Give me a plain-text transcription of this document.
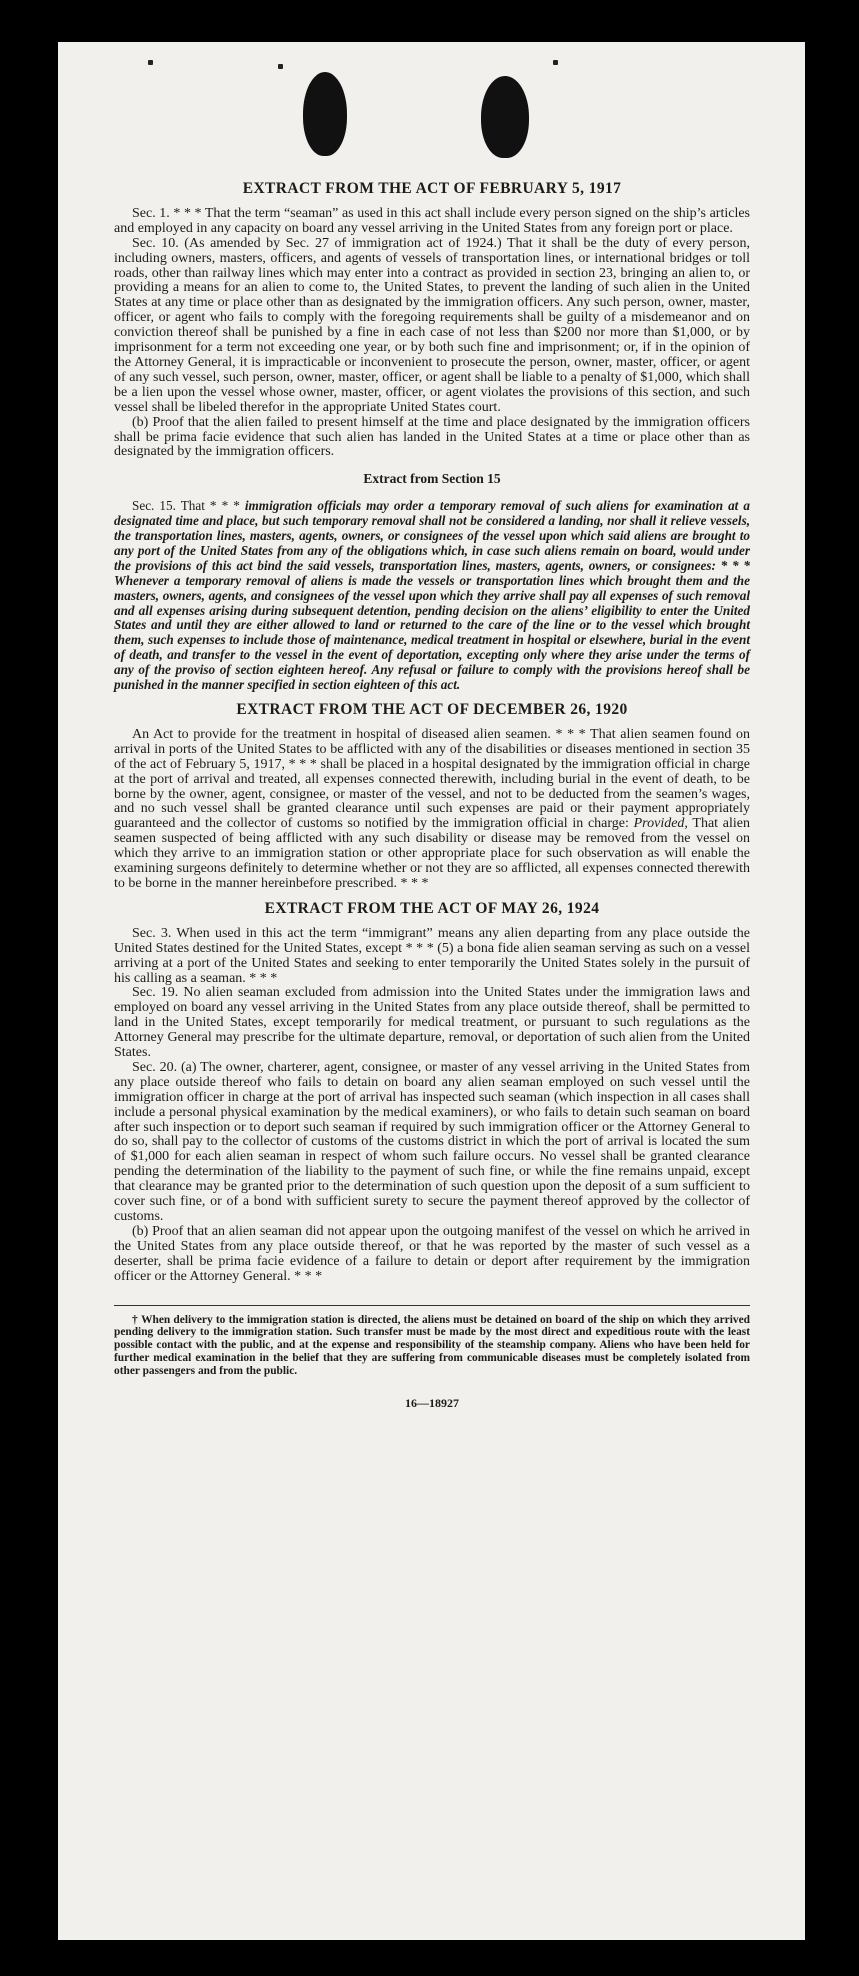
EXTRACT FROM THE ACT OF FEBRUARY 5, 1917

Sec. 1. * * * That the term “seaman” as used in this act shall include every person signed on the ship’s articles and employed in any capacity on board any vessel arriving in the United States from any foreign port or place.

Sec. 10. (As amended by Sec. 27 of immigration act of 1924.) That it shall be the duty of every person, including owners, masters, officers, and agents of vessels of transportation lines, or international bridges or toll roads, other than railway lines which may enter into a contract as provided in section 23, bringing an alien to, or providing a means for an alien to come to, the United States, to prevent the landing of such alien in the United States at any time or place other than as designated by the immigration officers. Any such person, owner, master, officer, or agent who fails to comply with the foregoing requirements shall be guilty of a misdemeanor and on conviction thereof shall be punished by a fine in each case of not less than $200 nor more than $1,000, or by imprisonment for a term not exceeding one year, or by both such fine and imprisonment; or, if in the opinion of the Attorney General, it is impracticable or inconvenient to prosecute the person, owner, master, officer, or agent of any such vessel, such person, owner, master, officer, or agent shall be liable to a penalty of $1,000, which shall be a lien upon the vessel whose owner, master, officer, or agent violates the provisions of this section, and such vessel shall be libeled therefor in the appropriate United States court.

(b) Proof that the alien failed to present himself at the time and place designated by the immigration officers shall be prima facie evidence that such alien has landed in the United States at a time or place other than as designated by the immigration officers.

Extract from Section 15

Sec. 15. That * * * immigration officials may order a temporary removal of such aliens for examination at a designated time and place, but such temporary removal shall not be considered a landing, nor shall it relieve vessels, the transportation lines, masters, agents, owners, or consignees of the vessel upon which said aliens are brought to any port of the United States from any of the obligations which, in case such aliens remain on board, would under the provisions of this act bind the said vessels, transportation lines, masters, agents, owners, or consignees: * * * Whenever a temporary removal of aliens is made the vessels or transportation lines which brought them and the masters, owners, agents, and consignees of the vessel upon which they arrive shall pay all expenses of such removal and all expenses arising during subsequent detention, pending decision on the aliens’ eligibility to enter the United States and until they are either allowed to land or returned to the care of the line or to the vessel which brought them, such expenses to include those of maintenance, medical treatment in hospital or elsewhere, burial in the event of death, and transfer to the vessel in the event of deportation, excepting only where they arise under the terms of any of the proviso of section eighteen hereof. Any refusal or failure to comply with the provisions hereof shall be punished in the manner specified in section eighteen of this act.

EXTRACT FROM THE ACT OF DECEMBER 26, 1920

An Act to provide for the treatment in hospital of diseased alien seamen. * * * That alien seamen found on arrival in ports of the United States to be afflicted with any of the disabilities or diseases mentioned in section 35 of the act of February 5, 1917, * * * shall be placed in a hospital designated by the immigration official in charge at the port of arrival and treated, all expenses connected therewith, including burial in the event of death, to be borne by the owner, agent, consignee, or master of the vessel, and not to be deducted from the seamen’s wages, and no such vessel shall be granted clearance until such expenses are paid or their payment appropriately guaranteed and the collector of customs so notified by the immigration official in charge: Provided, That alien seamen suspected of being afflicted with any such disability or disease may be removed from the vessel on which they arrive to an immigration station or other appropriate place for such observation as will enable the examining surgeons definitely to determine whether or not they are so afflicted, all expenses connected therewith to be borne in the manner hereinbefore prescribed. * * *

EXTRACT FROM THE ACT OF MAY 26, 1924

Sec. 3. When used in this act the term “immigrant” means any alien departing from any place outside the United States destined for the United States, except * * * (5) a bona fide alien seaman serving as such on a vessel arriving at a port of the United States and seeking to enter temporarily the United States solely in the pursuit of his calling as a seaman. * * *

Sec. 19. No alien seaman excluded from admission into the United States under the immigration laws and employed on board any vessel arriving in the United States from any place outside thereof, shall be permitted to land in the United States, except temporarily for medical treatment, or pursuant to such regulations as the Attorney General may prescribe for the ultimate departure, removal, or deportation of such alien from the United States.

Sec. 20. (a) The owner, charterer, agent, consignee, or master of any vessel arriving in the United States from any place outside thereof who fails to detain on board any alien seaman employed on such vessel until the immigration officer in charge at the port of arrival has inspected such seaman (which inspection in all cases shall include a personal physical examination by the medical examiners), or who fails to detain such seaman on board after such inspection or to deport such seaman if required by such immigration officer or the Attorney General to do so, shall pay to the collector of customs of the customs district in which the port of arrival is located the sum of $1,000 for each alien seaman in respect of whom such failure occurs. No vessel shall be granted clearance pending the determination of the liability to the payment of such fine, or while the fine remains unpaid, except that clearance may be granted prior to the determination of such question upon the deposit of a sum sufficient to cover such fine, or of a bond with sufficient surety to secure the payment thereof approved by the collector of customs.

(b) Proof that an alien seaman did not appear upon the outgoing manifest of the vessel on which he arrived in the United States from any place outside thereof, or that he was reported by the master of such vessel as a deserter, shall be prima facie evidence of a failure to detain or deport after requirement by the immigration officer or the Attorney General. * * *

† When delivery to the immigration station is directed, the aliens must be detained on board of the ship on which they arrived pending delivery to the immigration station. Such transfer must be made by the most direct and expeditious route with the least possible contact with the public, and at the expense and responsibility of the steamship company. Aliens who have been held for further medical examination in the belief that they are suffering from communicable diseases must be completely isolated from other passengers and from the public.

16—18927
